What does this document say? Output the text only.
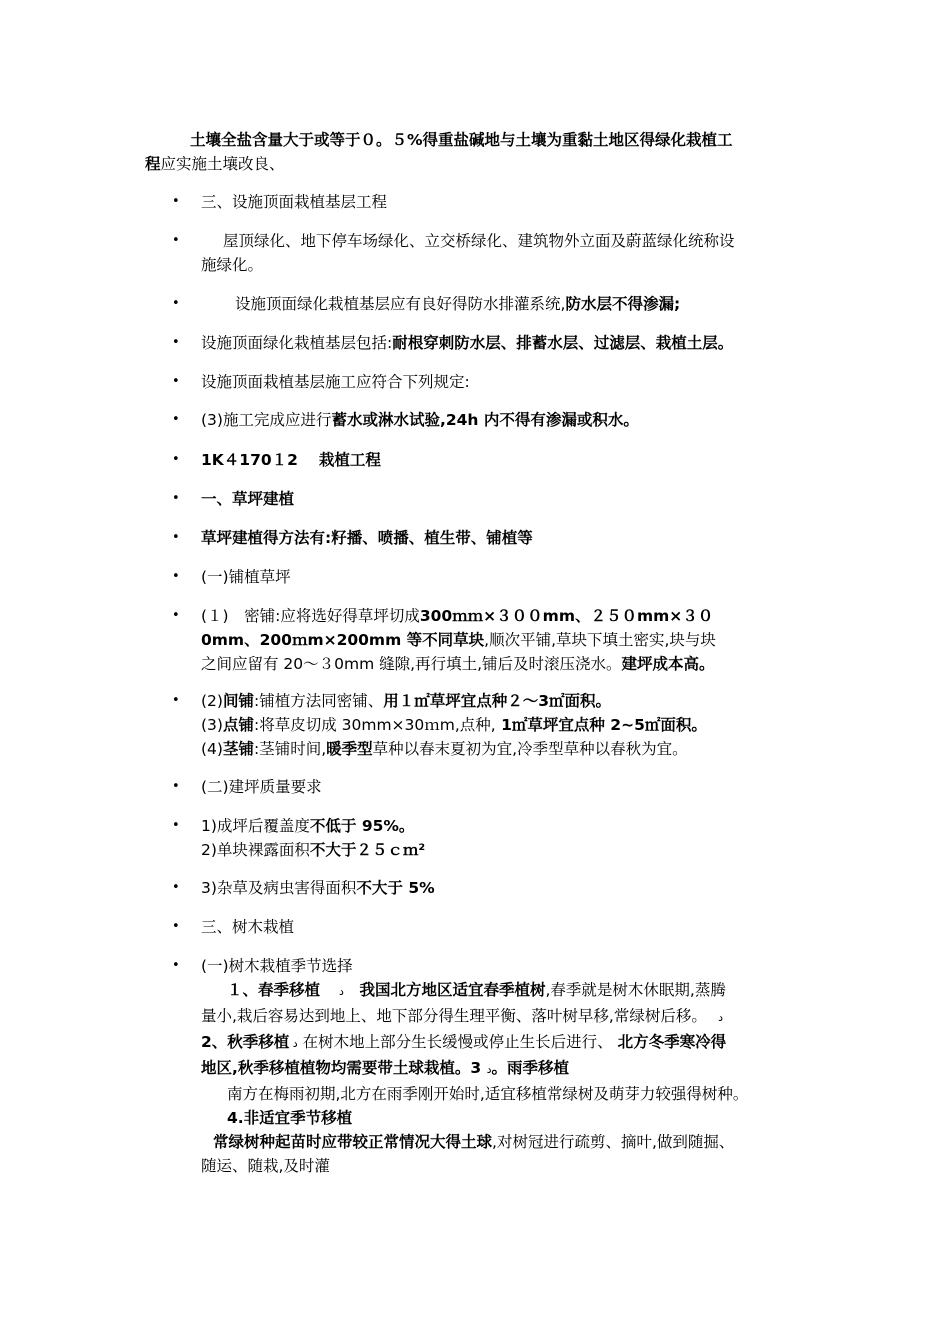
土壤全盐含量大于或等于０。５%得重盐碱地与土壤为重黏土地区得绿化栽植工
程应实施土壤改良、
•	三、设施顶面栽植基层工程
•	屋顶绿化、地下停车场绿化、立交桥绿化、建筑物外立面及蔚蓝绿化统称设
施绿化。
•	设施顶面绿化栽植基层应有良好得防水排灌系统,防水层不得渗漏;
•	设施顶面绿化栽植基层包括:耐根穿刺防水层、排蓄水层、过滤层、栽植土层。
•	设施顶面栽植基层施工应符合下列规定:
•	(3)施工完成应进行蓄水或淋水试验,24h 内不得有渗漏或积水。
•	1K４170１2　 栽植工程
•	一、草坪建植
•	草坪建植得方法有:籽播、喷播、植生带、铺植等
•	(一)铺植草坪
•	(１)　密铺:应将选好得草坪切成300ｍｍ×３００mm、２５０mm×３０
0mm、200ｍm×200mm 等不同草块,顺次平铺,草块下填土密实,块与块
之间应留有 20～３0mm 缝隙,再行填土,铺后及时滚压浇水。建坪成本高。
•	(2)间铺:铺植方法同密铺、用１㎡草坪宜点种２～3㎡面积。
(3)点铺:将草皮切成 30mm×30ｍm,点种, 1㎡草坪宜点种 2~5㎡面积。
(4)茎铺:茎铺时间,暖季型草种以春末夏初为宜,冷季型草种以春秋为宜。
•	(二)建坪质量要求
•	1)成坪后覆盖度不低于 95%。
2)单块裸露面积不大于２５ｃｍ²
•	3)杂草及病虫害得面积不大于 5%
•	三、树木栽植
•	(一)树木栽植季节选择
１、春季移植　 د　 我国北方地区适宜春季植树,春季就是树木休眠期,蒸腾
量小,栽后容易达到地上、地下部分得生理平衡、落叶树早移,常绿树后移。　 د
2、秋季移植 د 在树木地上部分生长缓慢或停止生长后进行、 北方冬季寒冷得
地区,秋季移植植物均需要带土球栽植。3 د。雨季移植
南方在梅雨初期,北方在雨季刚开始时,适宜移植常绿树及萌芽力较强得树种。
4.非适宜季节移植
常绿树种起苗时应带较正常情况大得土球,对树冠进行疏剪、摘叶,做到随掘、
随运、随栽,及时灌
